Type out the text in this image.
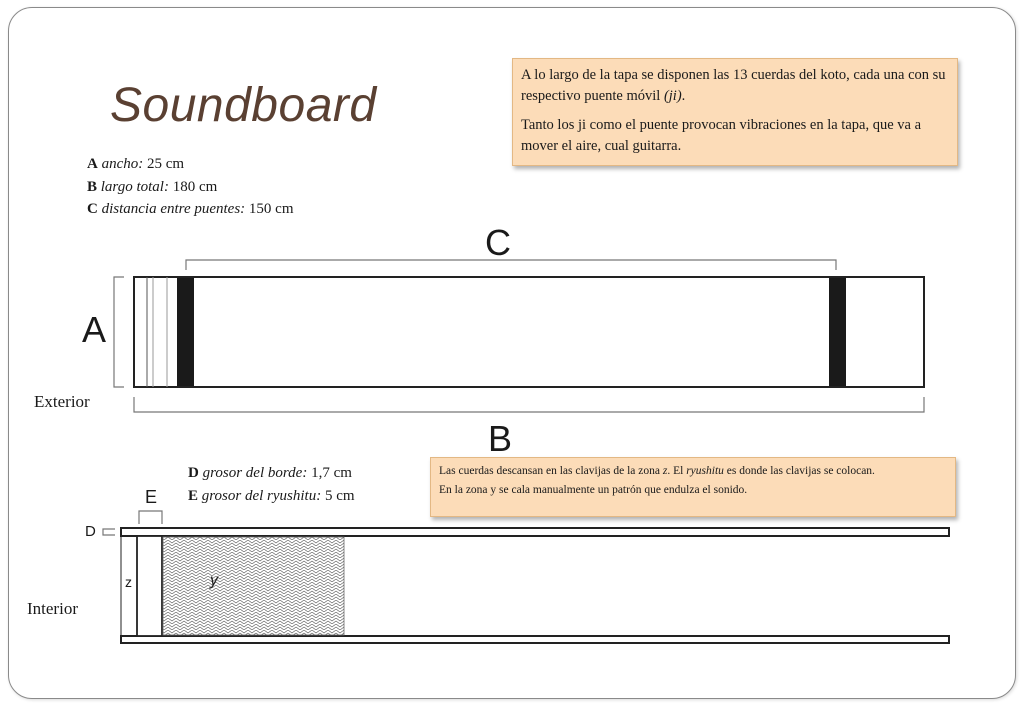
Soundboard
A ancho: 25 cm
B largo total: 180 cm
C distancia entre puentes: 150 cm

A lo largo de la tapa se disponen las 13 cuerdas del koto, cada una con su respectivo puente móvil (ji).

Tanto los ji como el puente provocan vibraciones en la tapa, que va a mover el aire, cual guitarra.

D grosor del borde: 1,7 cm
E grosor del ryushitu: 5 cm

Las cuerdas descansan en las clavijas de la zona z. El ryushitu es donde las clavijas se colocan.

En la zona y se cala manualmente un patrón que endulza el sonido.

C
A
B
Exterior
Interior
E
D
z	y
